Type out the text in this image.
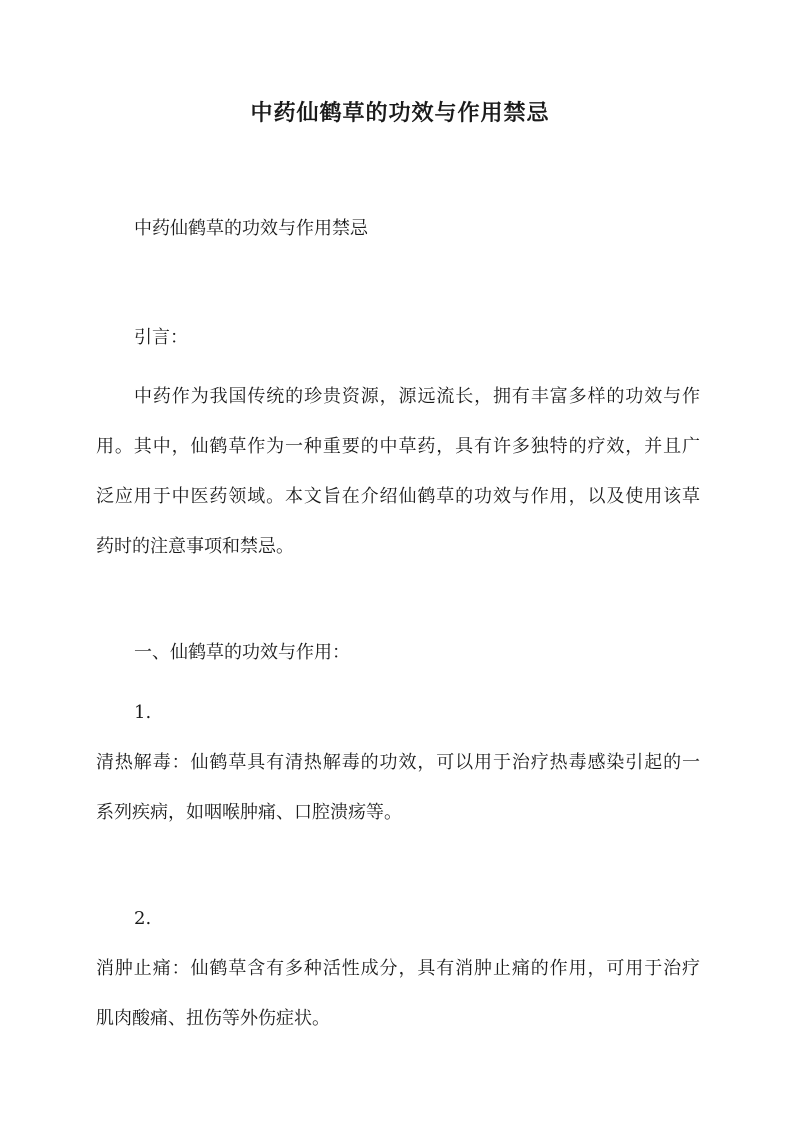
中药仙鹤草的功效与作用禁忌
中药仙鹤草的功效与作用禁忌
引言：
中药作为我国传统的珍贵资源，源远流长，拥有丰富多样的功效与作
用。其中，仙鹤草作为一种重要的中草药，具有许多独特的疗效，并且广
泛应用于中医药领域。本文旨在介绍仙鹤草的功效与作用，以及使用该草
药时的注意事项和禁忌。
一、仙鹤草的功效与作用：
1.
清热解毒：仙鹤草具有清热解毒的功效，可以用于治疗热毒感染引起的一
系列疾病，如咽喉肿痛、口腔溃疡等。
2.
消肿止痛：仙鹤草含有多种活性成分，具有消肿止痛的作用，可用于治疗
肌肉酸痛、扭伤等外伤症状。
